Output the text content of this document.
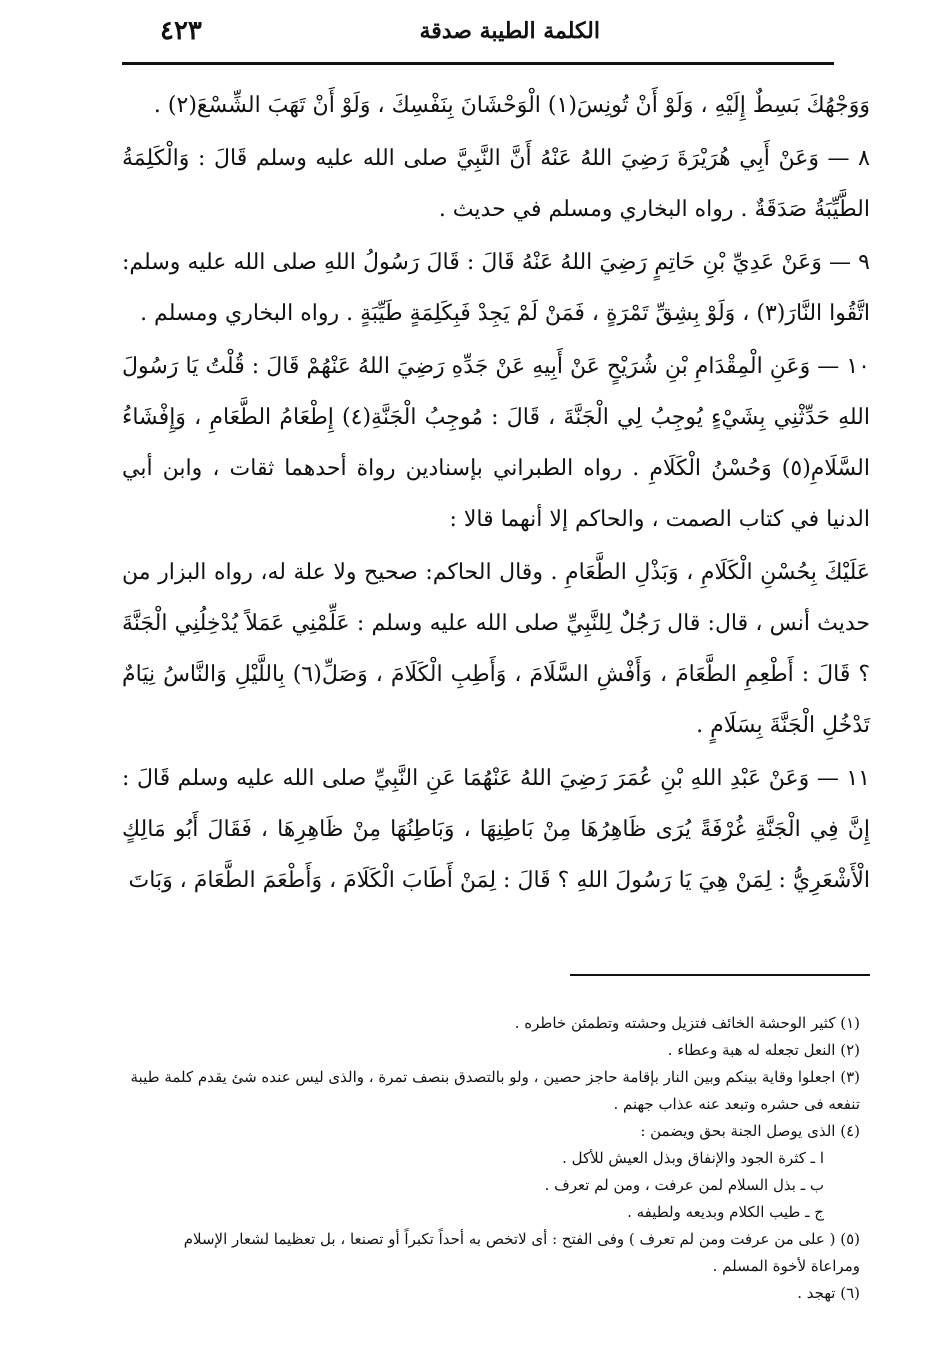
الكلمة الطيبة صدقة
٤٢٣

وَوَجْهُكَ بَسِطٌ إِلَيْهِ ، وَلَوْ أَنْ تُونِسَ(١) الْوَحْشَانَ بِنَفْسِكَ ، وَلَوْ أَنْ تَهَبَ الشِّسْعَ(٢) .

٨ — وَعَنْ أَبِي هُرَيْرَةَ رَضِيَ اللهُ عَنْهُ أَنَّ النَّبِيَّ صلى الله عليه وسلم قَالَ : وَالْكَلِمَةُ الطَّيِّبَةُ صَدَقَةٌ . رواه البخاري ومسلم في حديث .

٩ — وَعَنْ عَدِيِّ بْنِ حَاتِمٍ رَضِيَ اللهُ عَنْهُ قَالَ : قَالَ رَسُولُ اللهِ صلى الله عليه وسلم: اتَّقُوا النَّارَ(٣) ، وَلَوْ بِشِقِّ تَمْرَةٍ ، فَمَنْ لَمْ يَجِدْ فَبِكَلِمَةٍ طَيِّبَةٍ . رواه البخاري ومسلم .

١٠ — وَعَنِ الْمِقْدَامِ بْنِ شُرَيْحٍ عَنْ أَبِيهِ عَنْ جَدِّهِ رَضِيَ اللهُ عَنْهُمْ قَالَ : قُلْتُ يَا رَسُولَ اللهِ حَدِّثْنِي بِشَيْءٍ يُوجِبُ لِي الْجَنَّةَ ، قَالَ : مُوجِبُ الْجَنَّةِ(٤) إِطْعَامُ الطَّعَامِ ، وَإِفْشَاءُ السَّلَامِ(٥) وَحُسْنُ الْكَلَامِ . رواه الطبراني بإسنادين رواة أحدهما ثقات ، وابن أبي الدنيا في كتاب الصمت ، والحاكم إلا أنهما قالا :

عَلَيْكَ بِحُسْنِ الْكَلَامِ ، وَبَذْلِ الطَّعَامِ . وقال الحاكم: صحيح ولا علة له، رواه البزار من حديث أنس ، قال: قال رَجُلٌ لِلنَّبِيِّ صلى الله عليه وسلم : عَلِّمْنِي عَمَلاً يُدْخِلُنِي الْجَنَّةَ ؟ قَالَ : أَطْعِمِ الطَّعَامَ ، وَأَفْشِ السَّلَامَ ، وَأَطِبِ الْكَلَامَ ، وَصَلِّ(٦) بِاللَّيْلِ وَالنَّاسُ نِيَامٌ تَدْخُلِ الْجَنَّةَ بِسَلَامٍ .

١١ — وَعَنْ عَبْدِ اللهِ بْنِ عُمَرَ رَضِيَ اللهُ عَنْهُمَا عَنِ النَّبِيِّ صلى الله عليه وسلم قَالَ : إِنَّ فِي الْجَنَّةِ غُرْفَةً يُرَى ظَاهِرُهَا مِنْ بَاطِنِهَا ، وَبَاطِنُهَا مِنْ ظَاهِرِهَا ، فَقَالَ أَبُو مَالِكٍ الْأَشْعَرِيُّ : لِمَنْ هِيَ يَا رَسُولَ اللهِ ؟ قَالَ : لِمَنْ أَطَابَ الْكَلَامَ ، وَأَطْعَمَ الطَّعَامَ ، وَبَاتَ

(١) كثير الوحشة الخائف فتزيل وحشته وتطمئن خاطره .

(٢) النعل تجعله له هبة وعطاء .

(٣) اجعلوا وقاية بينكم وبين النار بإقامة حاجز حصين ، ولو بالتصدق بنصف تمرة ، والذى ليس عنده شئ يقدم كلمة طيبة تنفعه فى حشره وتبعد عنه عذاب جهنم .

(٤) الذى يوصل الجنة بحق ويضمن :

ا ـ كثرة الجود والإنفاق وبذل العيش للأكل .

ب ـ بذل السلام لمن عرفت ، ومن لم تعرف .

ج ـ طيب الكلام وبديعه ولطيفه .

(٥) ( على من عرفت ومن لم تعرف ) وفى الفتح : أى لاتخص به أحداً تكبراً أو تصنعا ، بل تعظيما لشعار الإسلام ومراعاة لأخوة المسلم .

(٦) تهجد .
